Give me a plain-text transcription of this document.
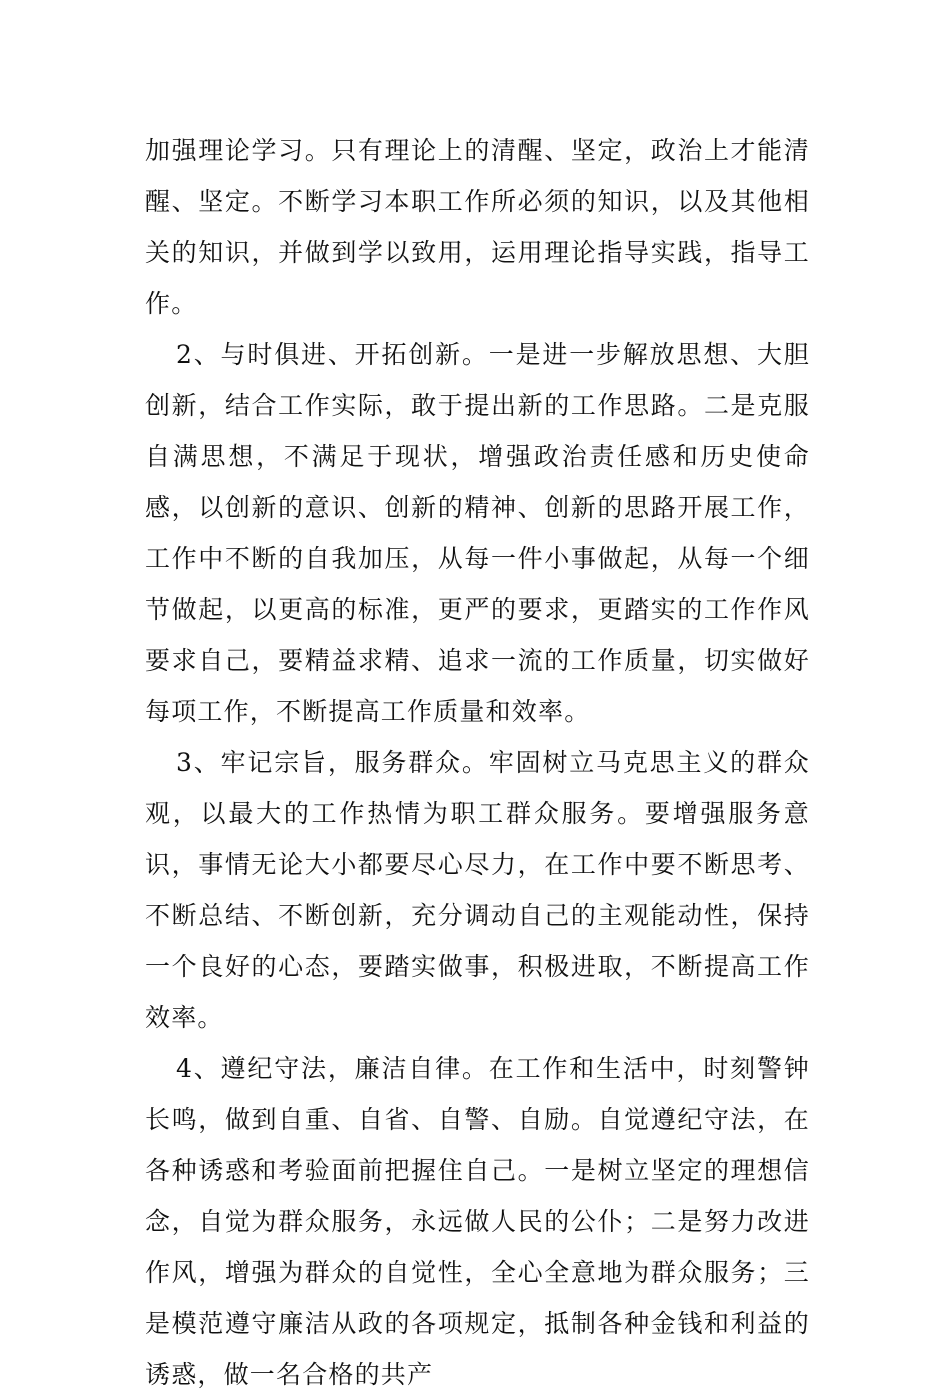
加强理论学习。只有理论上的清醒、坚定，政治上才能清醒、坚定。不断学习本职工作所必须的知识，以及其他相关的知识，并做到学以致用，运用理论指导实践，指导工作。

2、与时俱进、开拓创新。一是进一步解放思想、大胆创新，结合工作实际，敢于提出新的工作思路。二是克服自满思想，不满足于现状，增强政治责任感和历史使命感，以创新的意识、创新的精神、创新的思路开展工作，工作中不断的自我加压，从每一件小事做起，从每一个细节做起，以更高的标准，更严的要求，更踏实的工作作风要求自己，要精益求精、追求一流的工作质量，切实做好每项工作，不断提高工作质量和效率。

3、牢记宗旨，服务群众。牢固树立马克思主义的群众观，以最大的工作热情为职工群众服务。要增强服务意识，事情无论大小都要尽心尽力，在工作中要不断思考、不断总结、不断创新，充分调动自己的主观能动性，保持一个良好的心态，要踏实做事，积极进取，不断提高工作效率。

4、遵纪守法，廉洁自律。在工作和生活中，时刻警钟长鸣，做到自重、自省、自警、自励。自觉遵纪守法，在各种诱惑和考验面前把握住自己。一是树立坚定的理想信念，自觉为群众服务，永远做人民的公仆；二是努力改进作风，增强为群众的自觉性，全心全意地为群众服务；三是模范遵守廉洁从政的各项规定，抵制各种金钱和利益的诱惑，做一名合格的共产
